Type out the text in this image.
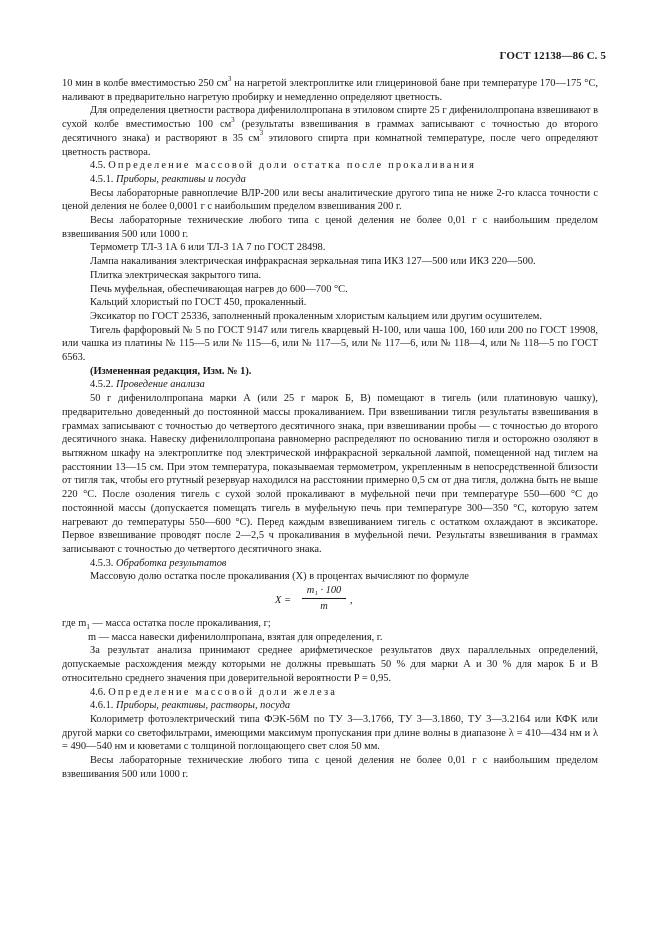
ГОСТ 12138—86 С. 5

10 мин в колбе вместимостью 250 $см^3$ на нагретой электроплитке или глицериновой бане при температуре 170—175 °С, наливают в предварительно нагретую пробирку и немедленно определяют цветность.

Для определения цветности раствора дифенилолпропана в этиловом спирте 25 г дифенилолпропана взвешивают в сухой колбе вместимостью 100 $см^3$ (результаты взвешивания в граммах записывают с точностью до второго десятичного знака) и растворяют в 35 $см^3$ этилового спирта при комнатной температуре, после чего определяют цветность раствора.

4.5. Определение массовой доли остатка после прокаливания

4.5.1. Приборы, реактивы и посуда

Весы лабораторные равноплечие ВЛР-200 или весы аналитические другого типа не ниже 2-го класса точности с ценой деления не более 0,0001 г с наибольшим пределом взвешивания 200 г.

Весы лабораторные технические любого типа с ценой деления не более 0,01 г с наибольшим пределом взвешивания 500 или 1000 г.

Термометр ТЛ-3 1А 6 или ТЛ-3 1А 7 по ГОСТ 28498.

Лампа накаливания электрическая инфракрасная зеркальная типа ИКЗ 127—500 или ИКЗ 220—500.

Плитка электрическая закрытого типа.

Печь муфельная, обеспечивающая нагрев до 600—700 °С.

Кальций хлористый по ГОСТ 450, прокаленный.

Эксикатор по ГОСТ 25336, заполненный прокаленным хлористым кальцием или другим осушителем.

Тигель фарфоровый № 5 по ГОСТ 9147 или тигель кварцевый Н-100, или чаша 100, 160 или 200 по ГОСТ 19908, или чашка из платины № 115—5 или № 115—6, или № 117—5, или № 117—6, или № 118—4, или № 118—5 по ГОСТ 6563.

(Измененная редакция, Изм. № 1).

4.5.2. Проведение анализа

50 г дифенилолпропана марки А (или 25 г марок Б, В) помещают в тигель (или платиновую чашку), предварительно доведенный до постоянной массы прокаливанием. При взвешивании тигля результаты взвешивания в граммах записывают с точностью до четвертого десятичного знака, при взвешивании пробы — с точностью до второго десятичного знака. Навеску дифенилолпропана равномерно распределяют по основанию тигля и осторожно озоляют в вытяжном шкафу на электроплитке под электрической инфракрасной зеркальной лампой, помещенной над тиглем на расстоянии 13—15 см. При этом температура, показываемая термометром, укрепленным в непосредственной близости от тигля так, чтобы его ртутный резервуар находился на расстоянии примерно 0,5 см от дна тигля, должна быть не выше 220 °С. После озоления тигель с сухой золой прокаливают в муфельной печи при температуре 550—600 °С до постоянной массы (допускается помещать тигель в муфельную печь при температуре 300—350 °С, которую затем нагревают до температуры 550—600 °С). Перед каждым взвешиванием тигель с остатком охлаждают в эксикаторе. Первое взвешивание проводят после 2—2,5 ч прокаливания в муфельной печи. Результаты взвешивания в граммах записывают с точностью до четвертого десятичного знака.

4.5.3. Обработка результатов

Массовую долю остатка после прокаливания (X) в процентах вычисляют по формуле

$X = \frac{\text{m₁ · 100}}{m}$ ,

где $m_1$ — масса остатка после прокаливания, г;

m — масса навески дифенилолпропана, взятая для определения, г.

За результат анализа принимают среднее арифметическое результатов двух параллельных определений, допускаемые расхождения между которыми не должны превышать 50 % для марки А и 30 % для марок Б и В относительно среднего значения при доверительной вероятности P = 0,95.

4.6. Определение массовой доли железа

4.6.1. Приборы, реактивы, растворы, посуда

Колориметр фотоэлектрический типа ФЭК-56М по ТУ 3—3.1766, ТУ 3—3.1860, ТУ 3—3.2164 или КФК или другой марки со светофильтрами, имеющими максимум пропускания при длине волны в диапазоне λ = 410—434 нм и λ = 490—540 нм и кюветами с толщиной поглощающего свет слоя 50 мм.

Весы лабораторные технические любого типа с ценой деления не более 0,01 г с наибольшим пределом взвешивания 500 или 1000 г.
